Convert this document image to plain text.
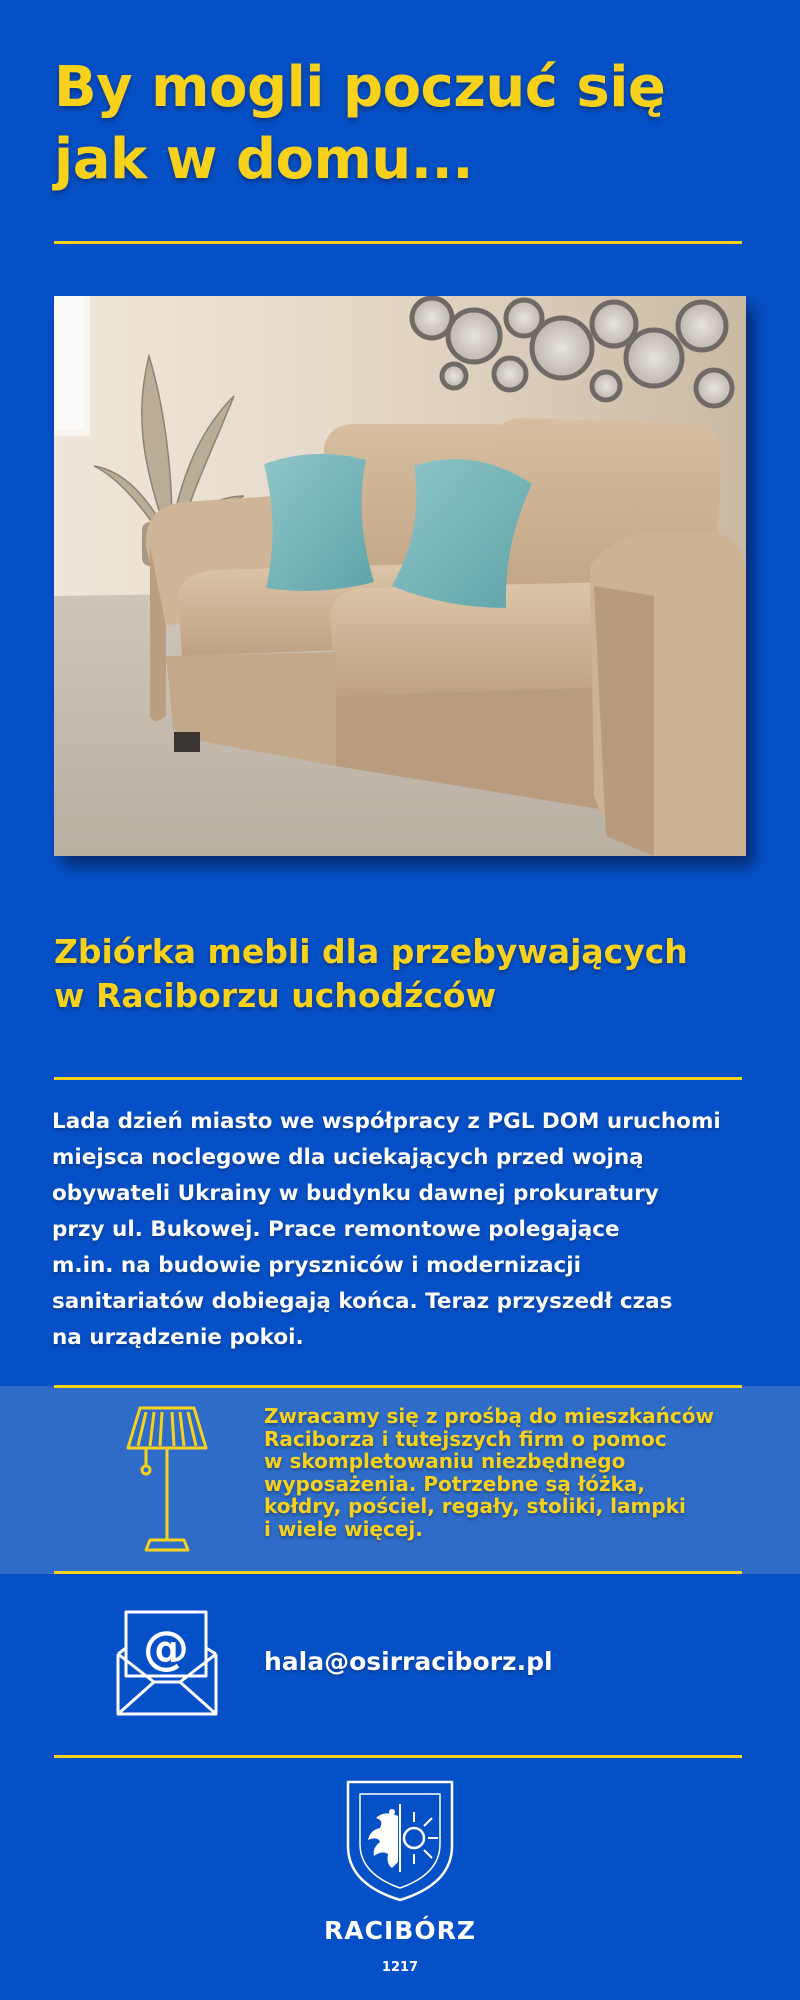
By mogli poczuć się
jak w domu...
Zbiórka mebli dla przebywających
w Raciborzu uchodźców
Lada dzień miasto we współpracy z PGL DOM uruchomi
miejsca noclegowe dla uciekających przed wojną
obywateli Ukrainy w budynku dawnej prokuratury
przy ul. Bukowej. Prace remontowe polegające
m.in. na budowie pryszniców i modernizacji
sanitariatów dobiegają końca. Teraz przyszedł czas
na urządzenie pokoi.
Zwracamy się z prośbą do mieszkańców
Raciborza i tutejszych firm o pomoc
w skompletowaniu niezbędnego
wyposażenia. Potrzebne są łóżka,
kołdry, pościel, regały, stoliki, lampki
i wiele więcej.
@	hala@osirraciborz.pl
RACIBÓRZ
1217
